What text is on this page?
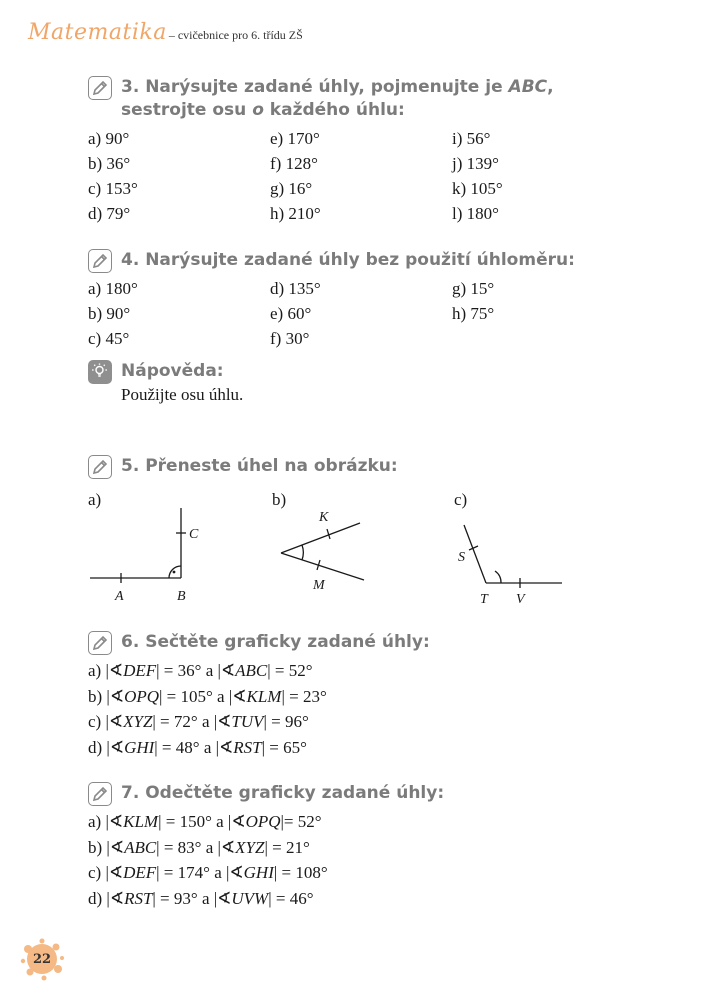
Matematika – cvičebnice pro 6. třídu ZŠ
3. Narýsujte zadané úhly, pojmenujte je ABC, sestrojte osu o každého úhlu:
a) 90°	e) 170°	i) 56°
b) 36°	f) 128°	j) 139°
c) 153°	g) 16°	k) 105°
d) 79°	h) 210°	l) 180°
4. Narýsujte zadané úhly bez použití úhloměru:
a) 180°	d) 135°	g) 15°
b) 90°	e) 60°	h) 75°
c) 45°	f) 30°
Nápověda:
Použijte osu úhlu.
5. Přeneste úhel na obrázku:
a)	b)	c)
A	B
C
K
M
S
T V
6. Sečtěte graficky zadané úhly:
a) |∢DEF| = 36° a |∢ABC| = 52°
b) |∢OPQ| = 105° a |∢KLM| = 23°
c) |∢XYZ| = 72° a |∢TUV| = 96°
d) |∢GHI| = 48° a |∢RST| = 65°
7. Odečtěte graficky zadané úhly:
a) |∢KLM| = 150° a |∢OPQ|= 52°
b) |∢ABC| = 83° a |∢XYZ| = 21°
c) |∢DEF| = 174° a |∢GHI| = 108°
d) |∢RST| = 93° a |∢UVW| = 46°
22
